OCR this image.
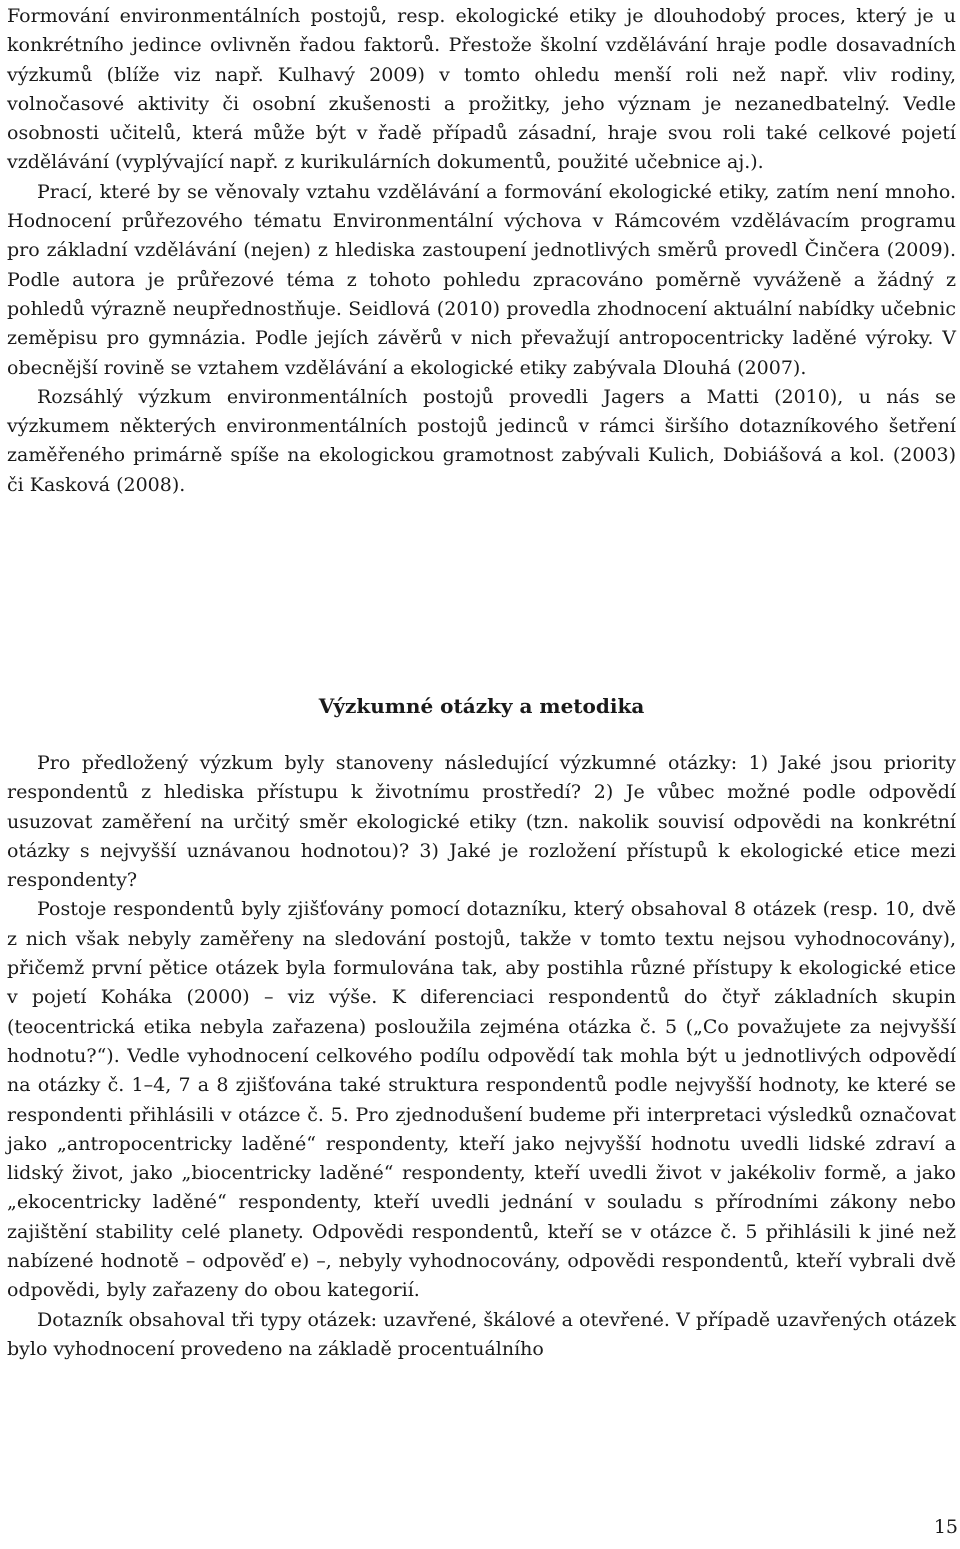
Formování environmentálních postojů, resp. ekologické etiky je dlouhodobý proces, který je u konkrétního jedince ovlivněn řadou faktorů. Přestože školní vzdělávání hraje podle dosavadních výzkumů (blíže viz např. Kulhavý 2009) v tomto ohledu menší roli než např. vliv rodiny, volnočasové aktivity či osobní zkušenosti a prožitky, jeho význam je nezanedbatelný. Vedle osobnosti učitelů, která může být v řadě případů zásadní, hraje svou roli také celkové pojetí vzdělávání (vyplývající např. z kurikulárních dokumentů, použité učebnice aj.).
Prací, které by se věnovaly vztahu vzdělávání a formování ekologické etiky, zatím není mnoho. Hodnocení průřezového tématu Environmentální výchova v Rámcovém vzdělávacím programu pro základní vzdělávání (nejen) z hlediska zastoupení jednotlivých směrů provedl Činčera (2009). Podle autora je průřezové téma z tohoto pohledu zpracováno poměrně vyváženě a žádný z pohledů výrazně neupřednostňuje. Seidlová (2010) provedla zhodnocení aktuální nabídky učebnic zeměpisu pro gymnázia. Podle jejích závěrů v nich převažují antropocentricky laděné výroky. V obecnější rovině se vztahem vzdělávání a ekologické etiky zabývala Dlouhá (2007).
Rozsáhlý výzkum environmentálních postojů provedli Jagers a Matti (2010), u nás se výzkumem některých environmentálních postojů jedinců v rámci širšího dotazníkového šetření zaměřeného primárně spíše na ekologickou gramotnost zabývali Kulich, Dobiášová a kol. (2003) či Kasková (2008).
Výzkumné otázky a metodika
Pro předložený výzkum byly stanoveny následující výzkumné otázky: 1) Jaké jsou priority respondentů z hlediska přístupu k životnímu prostředí? 2) Je vůbec možné podle odpovědí usuzovat zaměření na určitý směr ekologické etiky (tzn. nakolik souvisí odpovědi na konkrétní otázky s nejvyšší uznávanou hodnotou)? 3) Jaké je rozložení přístupů k ekologické etice mezi respondenty?
Postoje respondentů byly zjišťovány pomocí dotazníku, který obsahoval 8 otázek (resp. 10, dvě z nich však nebyly zaměřeny na sledování postojů, takže v tomto textu nejsou vyhodnocovány), přičemž první pětice otázek byla formulována tak, aby postihla různé přístupy k ekologické etice v pojetí Koháka (2000) – viz výše. K diferenciaci respondentů do čtyř základních skupin (teocentrická etika nebyla zařazena) posloužila zejména otázka č. 5 („Co považujete za nejvyšší hodnotu?“). Vedle vyhodnocení celkového podílu odpovědí tak mohla být u jednotlivých odpovědí na otázky č. 1–4, 7 a 8 zjišťována také struktura respondentů podle nejvyšší hodnoty, ke které se respondenti přihlásili v otázce č. 5. Pro zjednodušení budeme při interpretaci výsledků označovat jako „antropocentricky laděné“ respondenty, kteří jako nejvyšší hodnotu uvedli lidské zdraví a lidský život, jako „biocentricky laděné“ respondenty, kteří uvedli život v jakékoliv formě, a jako „ekocentricky laděné“ respondenty, kteří uvedli jednání v souladu s přírodními zákony nebo zajištění stability celé planety. Odpovědi respondentů, kteří se v otázce č. 5 přihlásili k jiné než nabízené hodnotě – odpověď e) –, nebyly vyhodnocovány, odpovědi respondentů, kteří vybrali dvě odpovědi, byly zařazeny do obou kategorií.
Dotazník obsahoval tři typy otázek: uzavřené, škálové a otevřené. V případě uzavřených otázek bylo vyhodnocení provedeno na základě procentuálního
15
